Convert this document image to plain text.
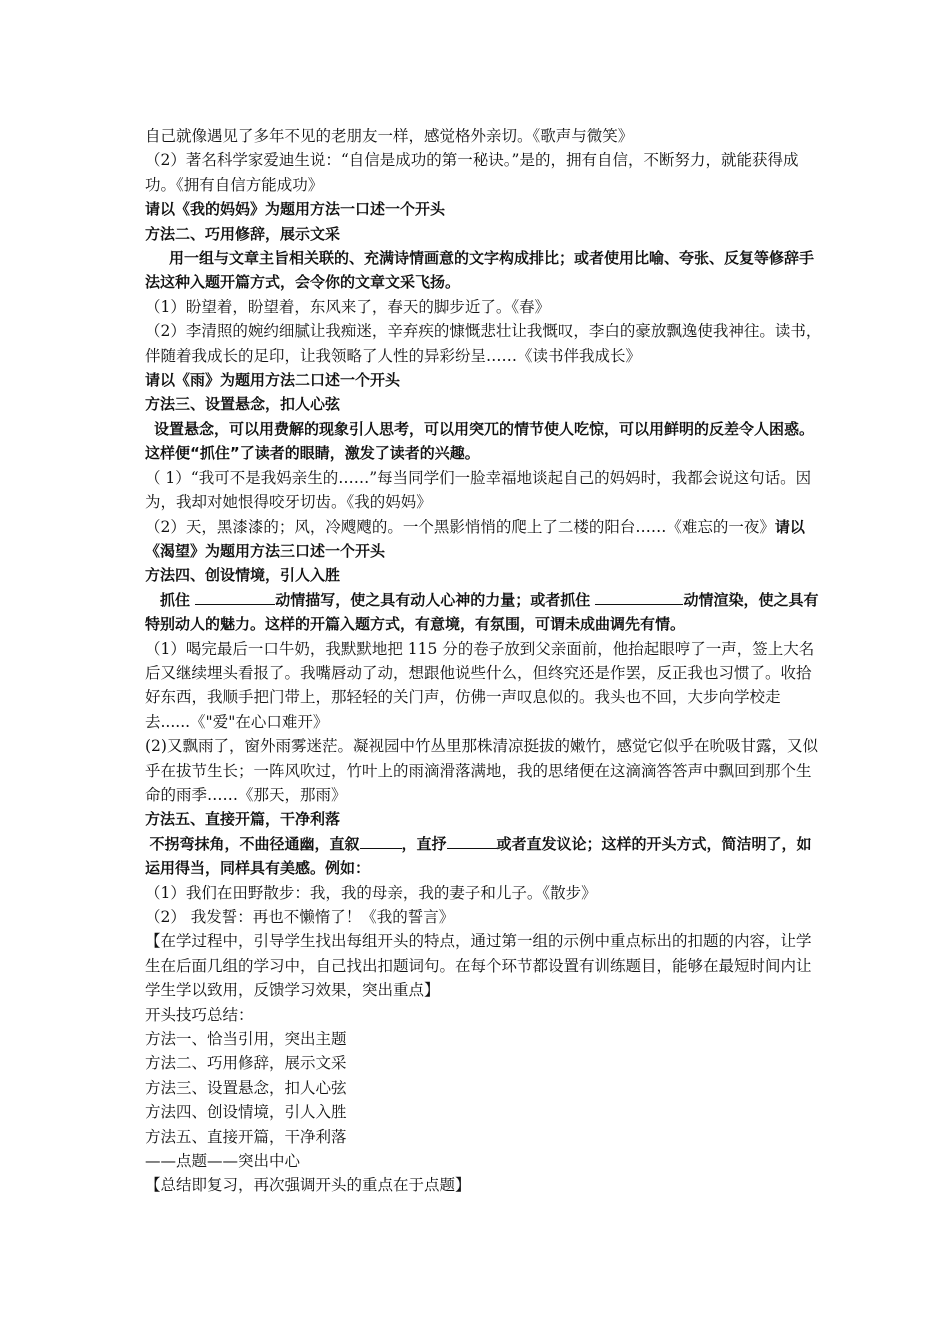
自己就像遇见了多年不见的老朋友一样，感觉格外亲切。《歌声与微笑》

（2）著名科学家爱迪生说：“自信是成功的第一秘诀。”是的，拥有自信，不断努力，就能获得成功。《拥有自信方能成功》

请以《我的妈妈》为题用方法一口述一个开头

方法二、巧用修辞，展示文采

用一组与文章主旨相关联的、充满诗情画意的文字构成排比；或者使用比喻、夸张、反复等修辞手法这种入题开篇方式，会令你的文章文采飞扬。

（1）盼望着，盼望着，东风来了，春天的脚步近了。《春》

（2）李清照的婉约细腻让我痴迷，辛弃疾的慷慨悲壮让我慨叹，李白的豪放飘逸使我神往。读书，伴随着我成长的足印，让我领略了人性的异彩纷呈……《读书伴我成长》

请以《雨》为题用方法二口述一个开头

方法三、设置悬念，扣人心弦

设置悬念，可以用费解的现象引人思考，可以用突兀的情节使人吃惊，可以用鲜明的反差令人困惑。这样便“抓住”了读者的眼睛，激发了读者的兴趣。

（ 1）“我可不是我妈亲生的……”每当同学们一脸幸福地谈起自己的妈妈时，我都会说这句话。因为，我却对她恨得咬牙切齿。《我的妈妈》

（2）天，黑漆漆的；风，冷飕飕的。一个黑影悄悄的爬上了二楼的阳台……《难忘的一夜》请以《渴望》为题用方法三口述一个开头

方法四、创设情境，引人入胜

抓住	动情描写，使之具有动人心神的力量；或者抓住	动情渲染，使之具有特别动人的魅力。这样的开篇入题方式，有意境，有氛围，可谓未成曲调先有情。

（1）喝完最后一口牛奶，我默默地把 115 分的卷子放到父亲面前，他抬起眼哼了一声，签上大名后又继续埋头看报了。我嘴唇动了动，想跟他说些什么，但终究还是作罢，反正我也习惯了。收拾好东西，我顺手把门带上，那轻轻的关门声，仿佛一声叹息似的。我头也不回，大步向学校走去......《"爱"在心口难开》

(2)又飘雨了，窗外雨雾迷茫。凝视园中竹丛里那株清凉挺拔的嫩竹，感觉它似乎在吮吸甘露，又似乎在拔节生长；一阵风吹过，竹叶上的雨滴滑落满地，我的思绪便在这滴滴答答声中飘回到那个生命的雨季……《那天，那雨》

方法五、直接开篇，干净利落

不拐弯抹角，不曲径通幽，直叙	，直抒	或者直发议论；这样的开头方式，简洁明了，如运用得当，同样具有美感。例如：

（1）我们在田野散步：我，我的母亲，我的妻子和儿子。《散步》

（2） 我发誓：再也不懒惰了！《我的誓言》

【在学过程中，引导学生找出每组开头的特点，通过第一组的示例中重点标出的扣题的内容，让学生在后面几组的学习中，自己找出扣题词句。在每个环节都设置有训练题目，能够在最短时间内让学生学以致用，反馈学习效果，突出重点】

开头技巧总结：

方法一、恰当引用，突出主题

方法二、巧用修辞，展示文采

方法三、设置悬念，扣人心弦

方法四、创设情境，引人入胜

方法五、直接开篇，干净利落

——点题——突出中心

【总结即复习，再次强调开头的重点在于点题】
